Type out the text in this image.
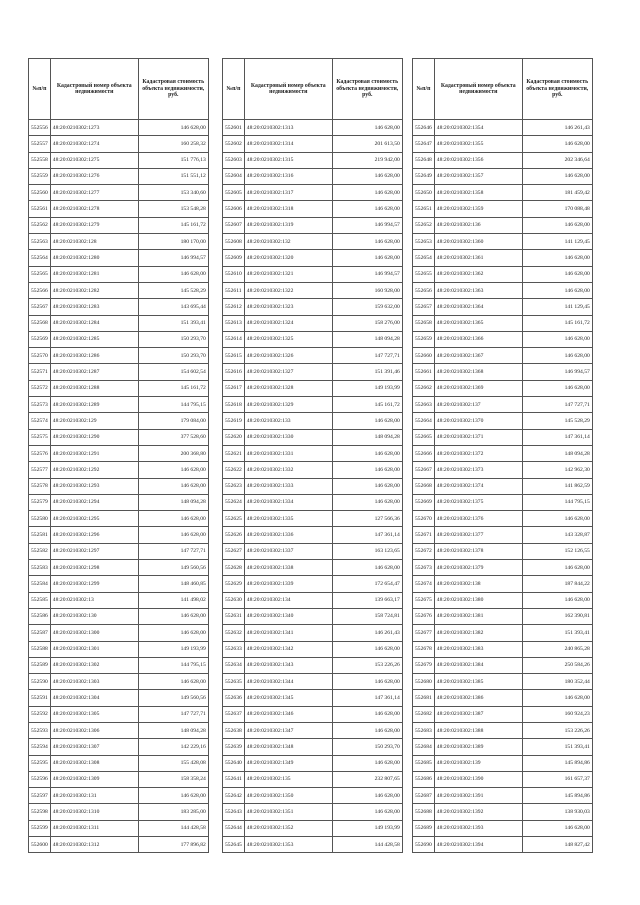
№п/п	Кадастровый номер объекта недвижимости	Кадастровая стоимость объекта недвижимости, руб.
552556	48:20:0210302:1273	146 628,00
552557	48:20:0210302:1274	160 258,32
552558	48:20:0210302:1275	151 776,13
552559	48:20:0210302:1276	151 551,12
552560	48:20:0210302:1277	153 340,60
552561	48:20:0210302:1278	153 548,28
552562	48:20:0210302:1279	145 161,72
552563	48:20:0210302:128	180 170,00
552564	48:20:0210302:1280	146 994,57
552565	48:20:0210302:1281	146 628,00
552566	48:20:0210302:1282	145 528,29
552567	48:20:0210302:1283	143 695,44
552568	48:20:0210302:1284	151 393,41
552569	48:20:0210302:1285	150 293,70
552570	48:20:0210302:1286	150 293,70
552571	48:20:0210302:1287	154 602,54
552572	48:20:0210302:1288	145 161,72
552573	48:20:0210302:1289	144 795,15
552574	48:20:0210302:129	179 084,00
552575	48:20:0210302:1290	377 528,60
552576	48:20:0210302:1291	200 368,80
552577	48:20:0210302:1292	146 628,00
552578	48:20:0210302:1293	146 628,00
552579	48:20:0210302:1294	148 094,28
552580	48:20:0210302:1295	146 628,00
552581	48:20:0210302:1296	146 628,00
552582	48:20:0210302:1297	147 727,71
552583	48:20:0210302:1298	149 560,56
552584	48:20:0210302:1299	148 460,85
552585	48:20:0210302:13	141 498,02
552586	48:20:0210302:130	146 628,00
552587	48:20:0210302:1300	146 628,00
552588	48:20:0210302:1301	149 193,99
552589	48:20:0210302:1302	144 795,15
552590	48:20:0210302:1303	146 628,00
552591	48:20:0210302:1304	149 560,56
552592	48:20:0210302:1305	147 727,71
552593	48:20:0210302:1306	148 094,28
552594	48:20:0210302:1307	142 229,16
552595	48:20:0210302:1308	155 428,08
552596	48:20:0210302:1309	158 358,24
552597	48:20:0210302:131	146 628,00
552598	48:20:0210302:1310	183 285,00
552599	48:20:0210302:1311	144 428,58
552600	48:20:0210302:1312	177 896,82
№п/п	Кадастровый номер объекта недвижимости	Кадастровая стоимость объекта недвижимости, руб.
552601	48:20:0210302:1313	146 628,00
552602	48:20:0210302:1314	201 613,50
552603	48:20:0210302:1315	219 942,00
552604	48:20:0210302:1316	146 628,00
552605	48:20:0210302:1317	146 628,00
552606	48:20:0210302:1318	146 628,00
552607	48:20:0210302:1319	146 994,57
552608	48:20:0210302:132	146 628,00
552609	48:20:0210302:1320	146 628,00
552610	48:20:0210302:1321	146 994,57
552611	48:20:0210302:1322	160 928,00
552612	48:20:0210302:1323	159 632,00
552613	48:20:0210302:1324	158 276,00
552614	48:20:0210302:1325	148 094,28
552615	48:20:0210302:1326	147 727,71
552616	48:20:0210302:1327	151 391,46
552617	48:20:0210302:1328	149 193,99
552618	48:20:0210302:1329	145 161,72
552619	48:20:0210302:133	146 628,00
552620	48:20:0210302:1330	148 094,28
552621	48:20:0210302:1331	146 628,00
552622	48:20:0210302:1332	146 628,00
552623	48:20:0210302:1333	146 628,00
552624	48:20:0210302:1334	146 628,00
552625	48:20:0210302:1335	127 566,36
552626	48:20:0210302:1336	147 361,14
552627	48:20:0210302:1337	163 123,65
552628	48:20:0210302:1338	146 628,00
552629	48:20:0210302:1339	172 654,47
552630	48:20:0210302:134	139 663,17
552631	48:20:0210302:1340	158 724,81
552632	48:20:0210302:1341	146 261,43
552633	48:20:0210302:1342	146 628,00
552634	48:20:0210302:1343	153 226,26
552635	48:20:0210302:1344	146 628,00
552636	48:20:0210302:1345	147 361,14
552637	48:20:0210302:1346	146 628,00
552638	48:20:0210302:1347	146 628,00
552639	48:20:0210302:1348	150 293,70
552640	48:20:0210302:1349	146 628,00
552641	48:20:0210302:135	232 807,65
552642	48:20:0210302:1350	146 628,00
552643	48:20:0210302:1351	146 628,00
552644	48:20:0210302:1352	149 193,99
552645	48:20:0210302:1353	144 428,58
№п/п	Кадастровый номер объекта недвижимости	Кадастровая стоимость объекта недвижимости, руб.
552646	48:20:0210302:1354	146 261,43
552647	48:20:0210302:1355	146 628,00
552648	48:20:0210302:1356	202 346,64
552649	48:20:0210302:1357	146 628,00
552650	48:20:0210302:1358	181 459,42
552651	48:20:0210302:1359	170 088,48
552652	48:20:0210302:136	146 628,00
552653	48:20:0210302:1360	141 129,45
552654	48:20:0210302:1361	146 628,00
552655	48:20:0210302:1362	146 628,00
552656	48:20:0210302:1363	146 628,00
552657	48:20:0210302:1364	141 129,45
552658	48:20:0210302:1365	145 161,72
552659	48:20:0210302:1366	146 628,00
552660	48:20:0210302:1367	146 628,00
552661	48:20:0210302:1368	146 994,57
552662	48:20:0210302:1369	146 628,00
552663	48:20:0210302:137	147 727,71
552664	48:20:0210302:1370	145 528,29
552665	48:20:0210302:1371	147 361,14
552666	48:20:0210302:1372	148 094,28
552667	48:20:0210302:1373	142 962,30
552668	48:20:0210302:1374	141 862,59
552669	48:20:0210302:1375	144 795,15
552670	48:20:0210302:1376	146 628,00
552671	48:20:0210302:1377	143 328,87
552672	48:20:0210302:1378	152 126,55
552673	48:20:0210302:1379	146 628,00
552674	48:20:0210302:138	187 844,22
552675	48:20:0210302:1380	146 628,00
552676	48:20:0210302:1381	162 390,81
552677	48:20:0210302:1382	151 393,41
552678	48:20:0210302:1383	240 865,28
552679	48:20:0210302:1384	250 584,26
552680	48:20:0210302:1385	180 352,44
552681	48:20:0210302:1386	146 628,00
552682	48:20:0210302:1387	160 924,23
552683	48:20:0210302:1388	153 226,26
552684	48:20:0210302:1389	151 393,41
552685	48:20:0210302:139	145 894,86
552686	48:20:0210302:1390	161 657,37
552687	48:20:0210302:1391	145 894,86
552688	48:20:0210302:1392	138 930,03
552689	48:20:0210302:1393	146 628,00
552690	48:20:0210302:1394	148 827,42
